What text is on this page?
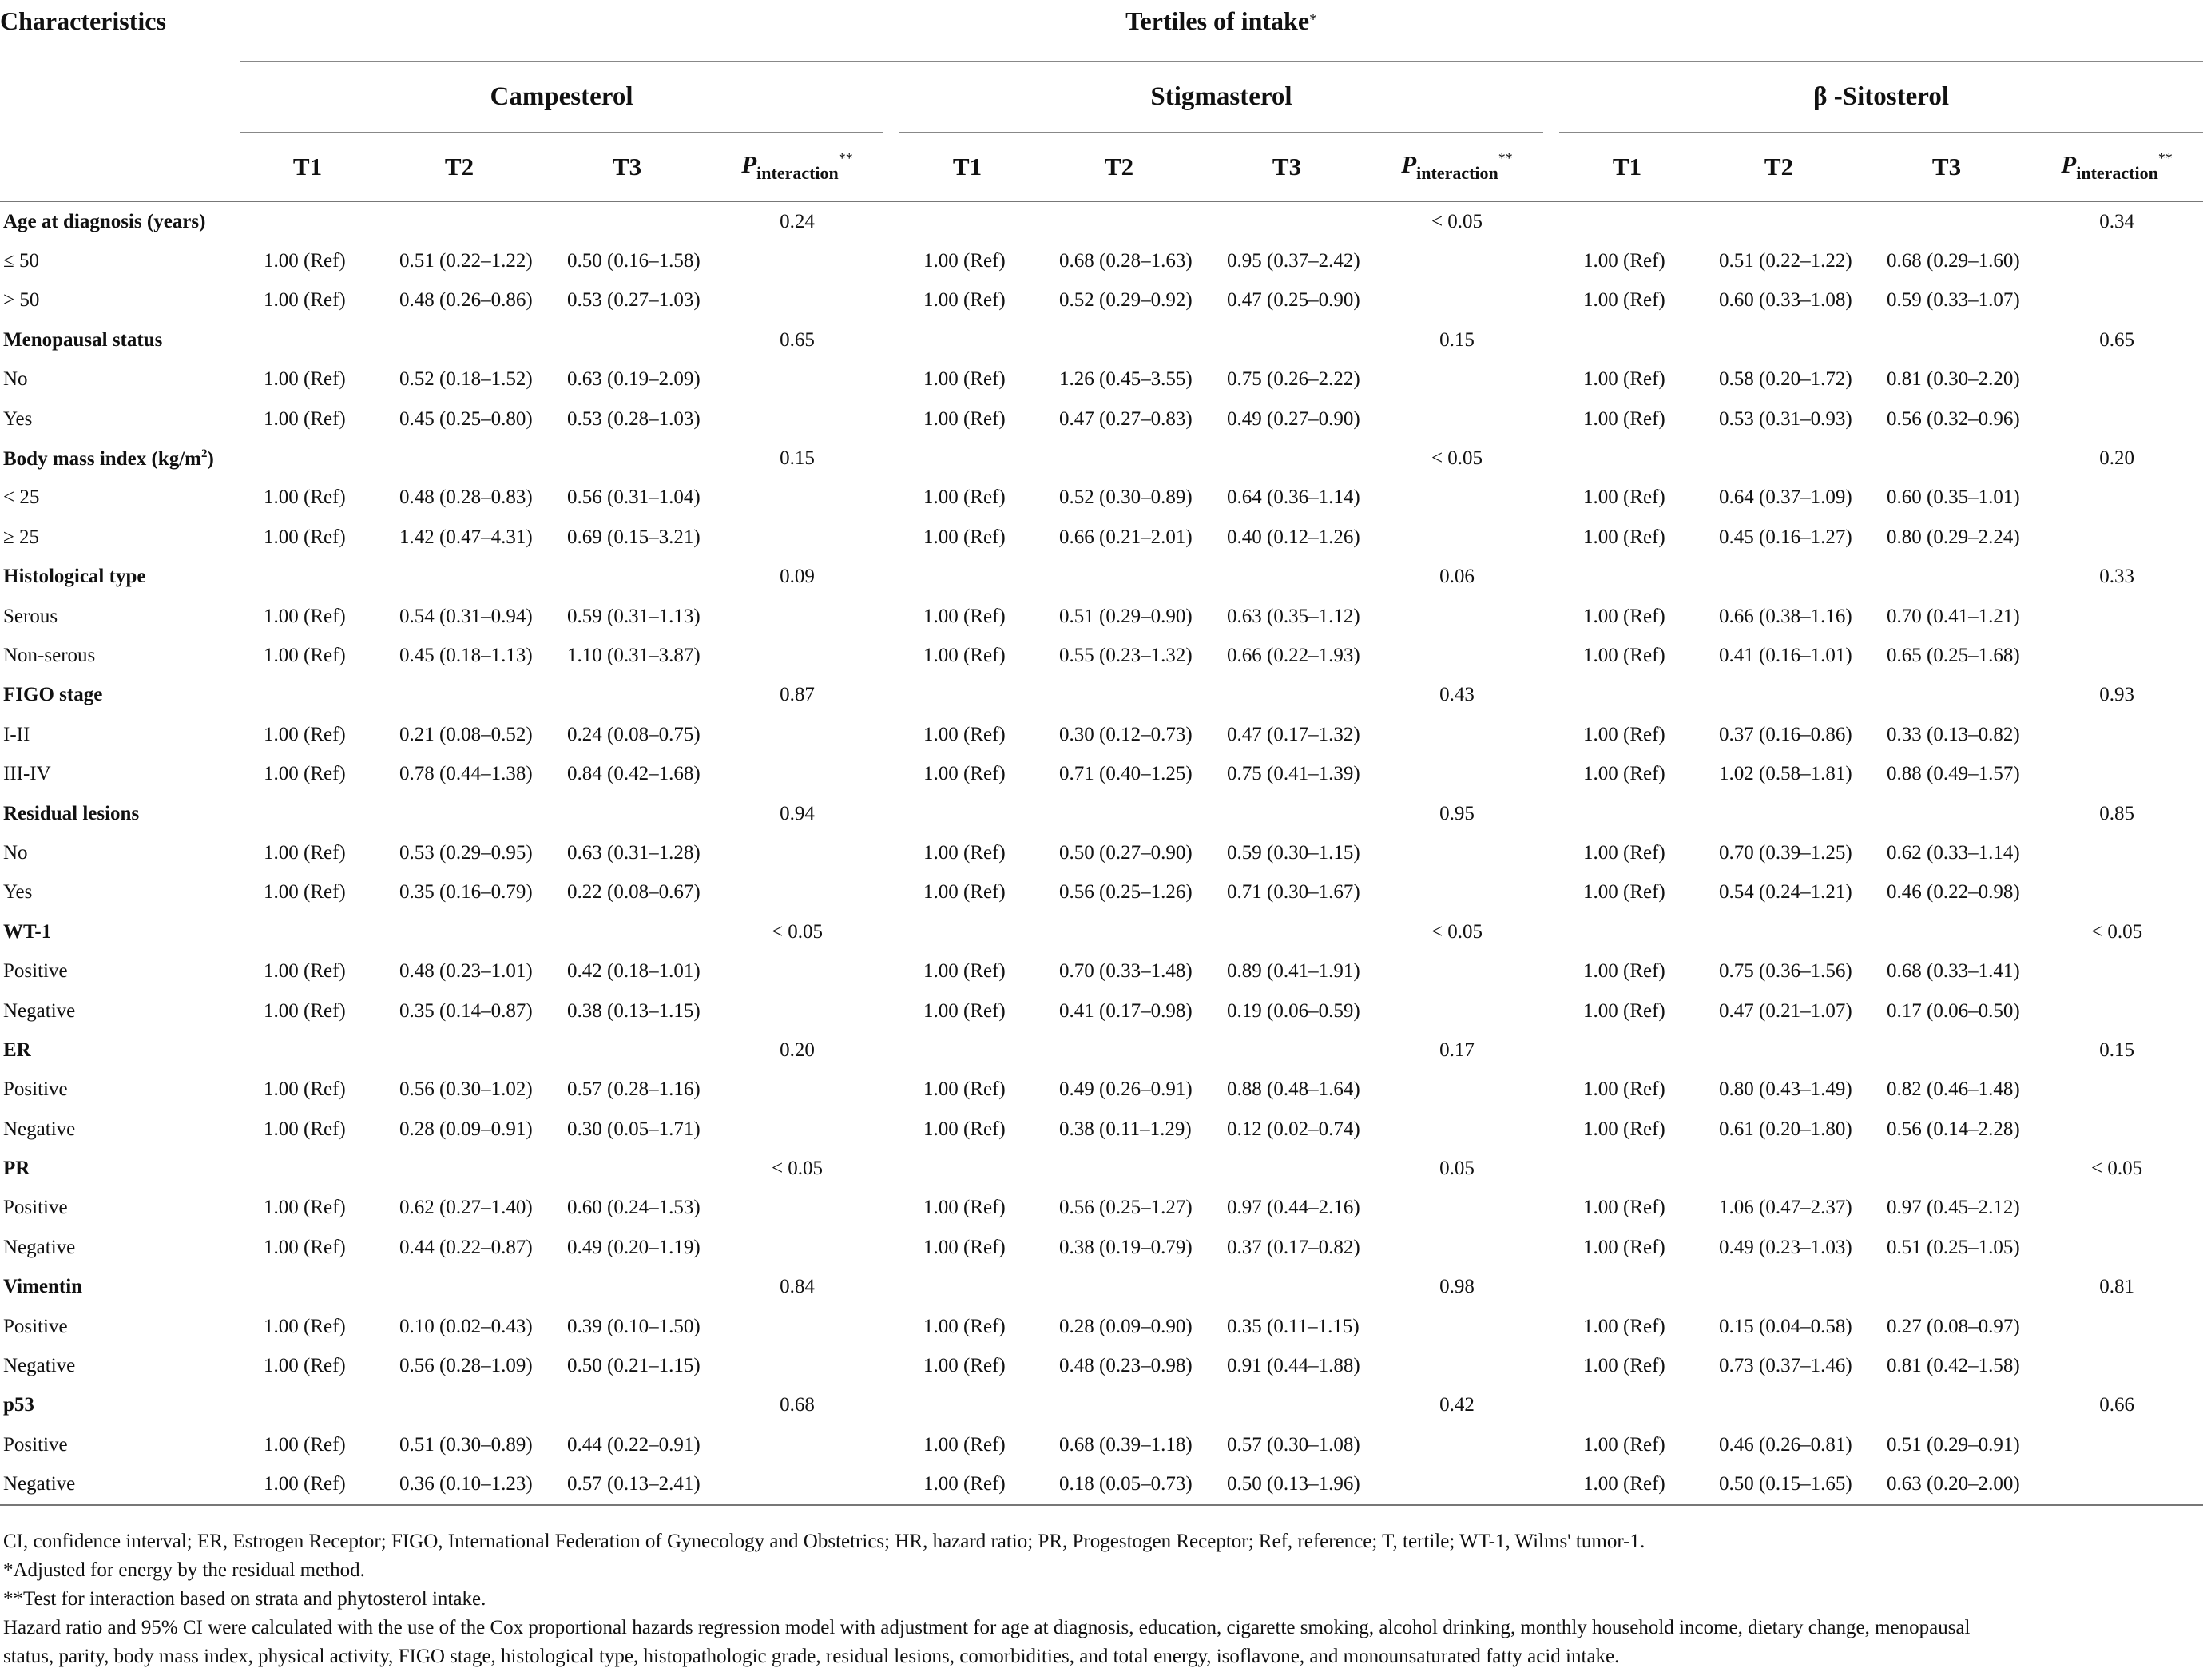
Characteristics	Tertiles of intake*
	Campesterol					Stigmasterol					β -Sitosterol			
	T1	T2	T3	$P_{interaction}^{**}$		T1	T2	T3	$P_{interaction}^{**}$		T1	T2	T3	$P_{interaction}^{**}$
Age at diagnosis (years)				0.24					< 0.05					0.34
≤ 50	1.00 (Ref)	0.51 (0.22–1.22)	0.50 (0.16–1.58)			1.00 (Ref)	0.68 (0.28–1.63)	0.95 (0.37–2.42)			1.00 (Ref)	0.51 (0.22–1.22)	0.68 (0.29–1.60)	
> 50	1.00 (Ref)	0.48 (0.26–0.86)	0.53 (0.27–1.03)			1.00 (Ref)	0.52 (0.29–0.92)	0.47 (0.25–0.90)			1.00 (Ref)	0.60 (0.33–1.08)	0.59 (0.33–1.07)	
Menopausal status				0.65					0.15					0.65
No	1.00 (Ref)	0.52 (0.18–1.52)	0.63 (0.19–2.09)			1.00 (Ref)	1.26 (0.45–3.55)	0.75 (0.26–2.22)			1.00 (Ref)	0.58 (0.20–1.72)	0.81 (0.30–2.20)	
Yes	1.00 (Ref)	0.45 (0.25–0.80)	0.53 (0.28–1.03)			1.00 (Ref)	0.47 (0.27–0.83)	0.49 (0.27–0.90)			1.00 (Ref)	0.53 (0.31–0.93)	0.56 (0.32–0.96)	
Body mass index $(kg/m^2)$				0.15					< 0.05					0.20
< 25	1.00 (Ref)	0.48 (0.28–0.83)	0.56 (0.31–1.04)			1.00 (Ref)	0.52 (0.30–0.89)	0.64 (0.36–1.14)			1.00 (Ref)	0.64 (0.37–1.09)	0.60 (0.35–1.01)	
≥ 25	1.00 (Ref)	1.42 (0.47–4.31)	0.69 (0.15–3.21)			1.00 (Ref)	0.66 (0.21–2.01)	0.40 (0.12–1.26)			1.00 (Ref)	0.45 (0.16–1.27)	0.80 (0.29–2.24)	
Histological type				0.09					0.06					0.33
Serous	1.00 (Ref)	0.54 (0.31–0.94)	0.59 (0.31–1.13)			1.00 (Ref)	0.51 (0.29–0.90)	0.63 (0.35–1.12)			1.00 (Ref)	0.66 (0.38–1.16)	0.70 (0.41–1.21)	
Non-serous	1.00 (Ref)	0.45 (0.18–1.13)	1.10 (0.31–3.87)			1.00 (Ref)	0.55 (0.23–1.32)	0.66 (0.22–1.93)			1.00 (Ref)	0.41 (0.16–1.01)	0.65 (0.25–1.68)	
FIGO stage				0.87					0.43					0.93
I-II	1.00 (Ref)	0.21 (0.08–0.52)	0.24 (0.08–0.75)			1.00 (Ref)	0.30 (0.12–0.73)	0.47 (0.17–1.32)			1.00 (Ref)	0.37 (0.16–0.86)	0.33 (0.13–0.82)	
III-IV	1.00 (Ref)	0.78 (0.44–1.38)	0.84 (0.42–1.68)			1.00 (Ref)	0.71 (0.40–1.25)	0.75 (0.41–1.39)			1.00 (Ref)	1.02 (0.58–1.81)	0.88 (0.49–1.57)	
Residual lesions				0.94					0.95					0.85
No	1.00 (Ref)	0.53 (0.29–0.95)	0.63 (0.31–1.28)			1.00 (Ref)	0.50 (0.27–0.90)	0.59 (0.30–1.15)			1.00 (Ref)	0.70 (0.39–1.25)	0.62 (0.33–1.14)	
Yes	1.00 (Ref)	0.35 (0.16–0.79)	0.22 (0.08–0.67)			1.00 (Ref)	0.56 (0.25–1.26)	0.71 (0.30–1.67)			1.00 (Ref)	0.54 (0.24–1.21)	0.46 (0.22–0.98)	
WT-1				< 0.05					< 0.05					< 0.05
Positive	1.00 (Ref)	0.48 (0.23–1.01)	0.42 (0.18–1.01)			1.00 (Ref)	0.70 (0.33–1.48)	0.89 (0.41–1.91)			1.00 (Ref)	0.75 (0.36–1.56)	0.68 (0.33–1.41)	
Negative	1.00 (Ref)	0.35 (0.14–0.87)	0.38 (0.13–1.15)			1.00 (Ref)	0.41 (0.17–0.98)	0.19 (0.06–0.59)			1.00 (Ref)	0.47 (0.21–1.07)	0.17 (0.06–0.50)	
ER				0.20					0.17					0.15
Positive	1.00 (Ref)	0.56 (0.30–1.02)	0.57 (0.28–1.16)			1.00 (Ref)	0.49 (0.26–0.91)	0.88 (0.48–1.64)			1.00 (Ref)	0.80 (0.43–1.49)	0.82 (0.46–1.48)	
Negative	1.00 (Ref)	0.28 (0.09–0.91)	0.30 (0.05–1.71)			1.00 (Ref)	0.38 (0.11–1.29)	0.12 (0.02–0.74)			1.00 (Ref)	0.61 (0.20–1.80)	0.56 (0.14–2.28)	
PR				< 0.05					0.05					< 0.05
Positive	1.00 (Ref)	0.62 (0.27–1.40)	0.60 (0.24–1.53)			1.00 (Ref)	0.56 (0.25–1.27)	0.97 (0.44–2.16)			1.00 (Ref)	1.06 (0.47–2.37)	0.97 (0.45–2.12)	
Negative	1.00 (Ref)	0.44 (0.22–0.87)	0.49 (0.20–1.19)			1.00 (Ref)	0.38 (0.19–0.79)	0.37 (0.17–0.82)			1.00 (Ref)	0.49 (0.23–1.03)	0.51 (0.25–1.05)	
Vimentin				0.84					0.98					0.81
Positive	1.00 (Ref)	0.10 (0.02–0.43)	0.39 (0.10–1.50)			1.00 (Ref)	0.28 (0.09–0.90)	0.35 (0.11–1.15)			1.00 (Ref)	0.15 (0.04–0.58)	0.27 (0.08–0.97)	
Negative	1.00 (Ref)	0.56 (0.28–1.09)	0.50 (0.21–1.15)			1.00 (Ref)	0.48 (0.23–0.98)	0.91 (0.44–1.88)			1.00 (Ref)	0.73 (0.37–1.46)	0.81 (0.42–1.58)	
p53				0.68					0.42					0.66
Positive	1.00 (Ref)	0.51 (0.30–0.89)	0.44 (0.22–0.91)			1.00 (Ref)	0.68 (0.39–1.18)	0.57 (0.30–1.08)			1.00 (Ref)	0.46 (0.26–0.81)	0.51 (0.29–0.91)	
Negative	1.00 (Ref)	0.36 (0.10–1.23)	0.57 (0.13–2.41)			1.00 (Ref)	0.18 (0.05–0.73)	0.50 (0.13–1.96)			1.00 (Ref)	0.50 (0.15–1.65)	0.63 (0.20–2.00)	
CI, confidence interval; ER, Estrogen Receptor; FIGO, International Federation of Gynecology and Obstetrics; HR, hazard ratio; PR, Progestogen Receptor; Ref, reference; T, tertile; WT-1, Wilms' tumor-1.
*Adjusted for energy by the residual method.
**Test for interaction based on strata and phytosterol intake.
Hazard ratio and 95% CI were calculated with the use of the Cox proportional hazards regression model with adjustment for age at diagnosis, education, cigarette smoking, alcohol drinking, monthly household income, dietary change, menopausal
status, parity, body mass index, physical activity, FIGO stage, histological type, histopathologic grade, residual lesions, comorbidities, and total energy, isoflavone, and monounsaturated fatty acid intake.
